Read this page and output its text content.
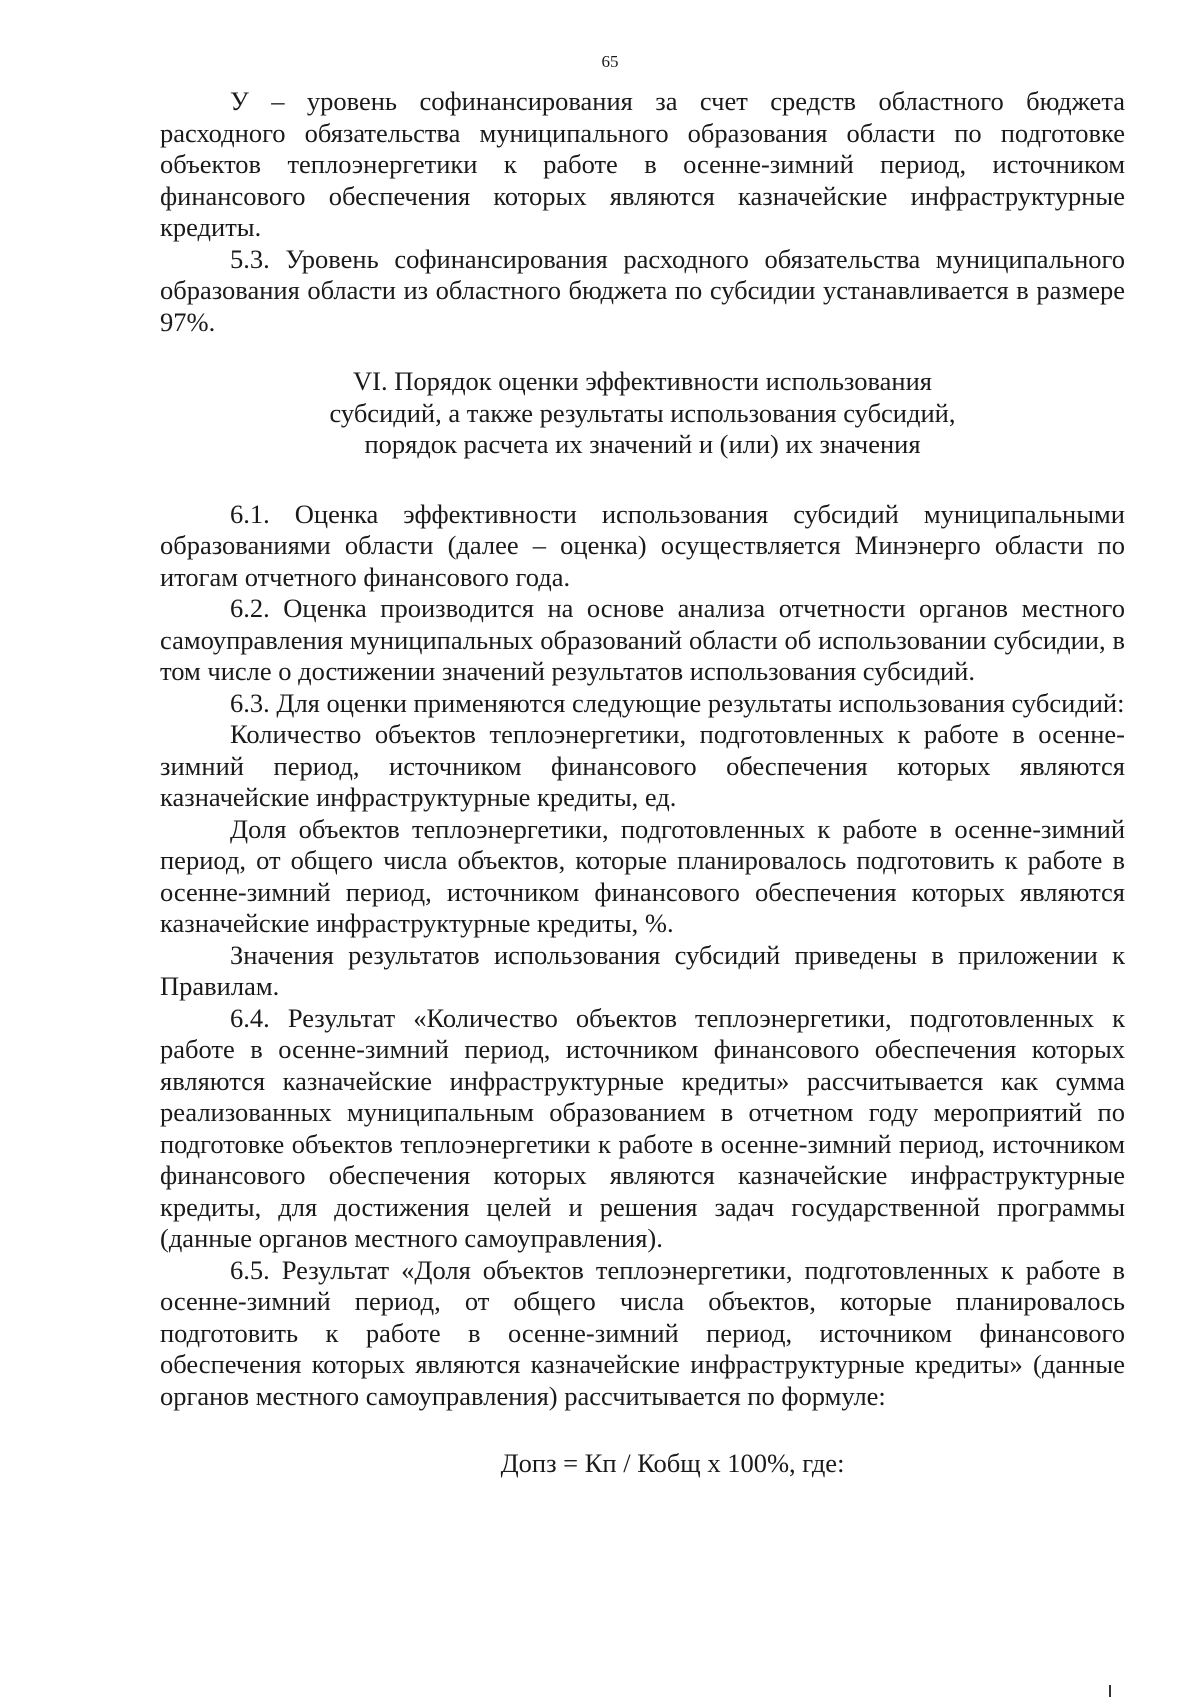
65

У – уровень софинансирования за счет средств областного бюджета расходного обязательства муниципального образования области по подготовке объектов теплоэнергетики к работе в осенне-зимний период, источником финансового обеспечения которых являются казначейские инфраструктурные кредиты.

5.3. Уровень софинансирования расходного обязательства муниципального образования области из областного бюджета по субсидии устанавливается в размере 97%.

VI. Порядок оценки эффективности использования
субсидий, а также результаты использования субсидий,
порядок расчета их значений и (или) их значения

6.1. Оценка эффективности использования субсидий муниципальными образованиями области (далее – оценка) осуществляется Минэнерго области по итогам отчетного финансового года.

6.2. Оценка производится на основе анализа отчетности органов местного самоуправления муниципальных образований области об использовании субсидии, в том числе о достижении значений результатов использования субсидий.

6.3. Для оценки применяются следующие результаты использования субсидий:

Количество объектов теплоэнергетики, подготовленных к работе в осенне-зимний период, источником финансового обеспечения которых являются казначейские инфраструктурные кредиты, ед.

Доля объектов теплоэнергетики, подготовленных к работе в осенне-зимний период, от общего числа объектов, которые планировалось подготовить к работе в осенне-зимний период, источником финансового обеспечения которых являются казначейские инфраструктурные кредиты, %.

Значения результатов использования субсидий приведены в приложении к Правилам.

6.4. Результат «Количество объектов теплоэнергетики, подготовленных к работе в осенне-зимний период, источником финансового обеспечения которых являются казначейские инфраструктурные кредиты» рассчитывается как сумма реализованных муниципальным образованием в отчетном году мероприятий по подготовке объектов теплоэнергетики к работе в осенне-зимний период, источником финансового обеспечения которых являются казначейские инфраструктурные кредиты, для достижения целей и решения задач государственной программы (данные органов местного самоуправления).

6.5. Результат «Доля объектов теплоэнергетики, подготовленных к работе в осенне-зимний период, от общего числа объектов, которые планировалось подготовить к работе в осенне-зимний период, источником финансового обеспечения которых являются казначейские инфраструктурные кредиты» (данные органов местного самоуправления) рассчитывается по формуле:

Допз = Кп / Кобщ х 100%, где:
